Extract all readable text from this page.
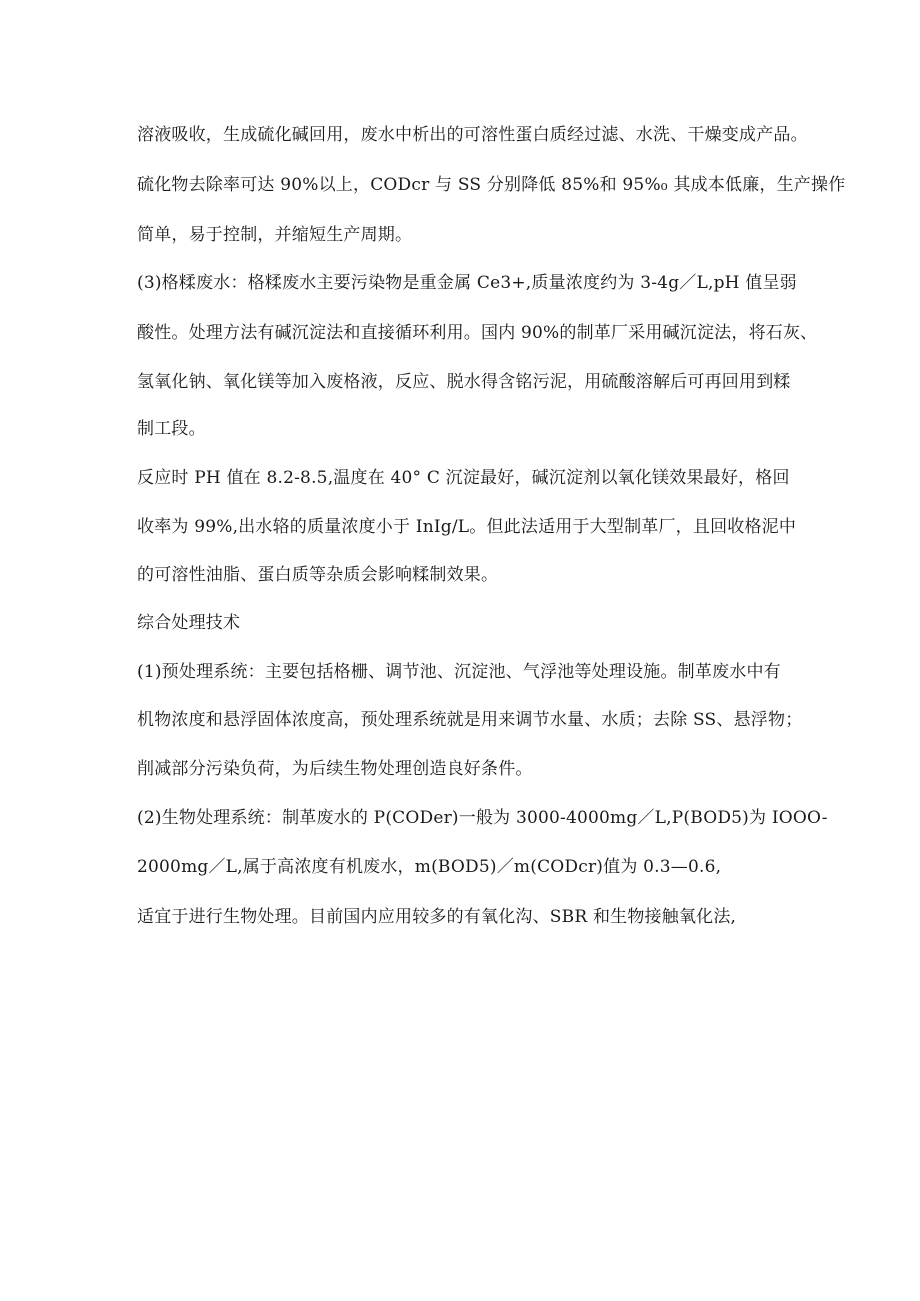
溶液吸收，生成硫化碱回用，废水中析出的可溶性蛋白质经过滤、水洗、干燥变成产品。
硫化物去除率可达 90%以上，CODcr 与 SS 分别降低 85%和 95%₀ 其成本低廉，生产操作
简单，易于控制，并缩短生产周期。
(3)格糅废水：格糅废水主要污染物是重金属 Ce3+,质量浓度约为 3-4g／L,pH 值呈弱
酸性。处理方法有碱沉淀法和直接循环利用。国内 90%的制革厂采用碱沉淀法，将石灰、
氢氧化钠、氧化镁等加入废格液，反应、脱水得含铭污泥，用硫酸溶解后可再回用到糅
制工段。
反应时 PH 值在 8.2-8.5,温度在 40° C 沉淀最好，碱沉淀剂以氧化镁效果最好，格回
收率为 99%,出水辂的质量浓度小于 InIg/L。但此法适用于大型制革厂，且回收格泥中
的可溶性油脂、蛋白质等杂质会影响糅制效果。
综合处理技术
(1)预处理系统：主要包括格栅、调节池、沉淀池、气浮池等处理设施。制革废水中有
机物浓度和悬浮固体浓度高，预处理系统就是用来调节水量、水质；去除 SS、悬浮物；
削减部分污染负荷，为后续生物处理创造良好条件。
(2)生物处理系统：制革废水的 P(CODer)一般为 3000-4000mg／L,P(BOD5)为 IOOO-
2000mg／L,属于高浓度有机废水，m(BOD5)／m(CODcr)值为 0.3—0.6,
适宜于进行生物处理。目前国内应用较多的有氧化沟、SBR 和生物接触氧化法,
